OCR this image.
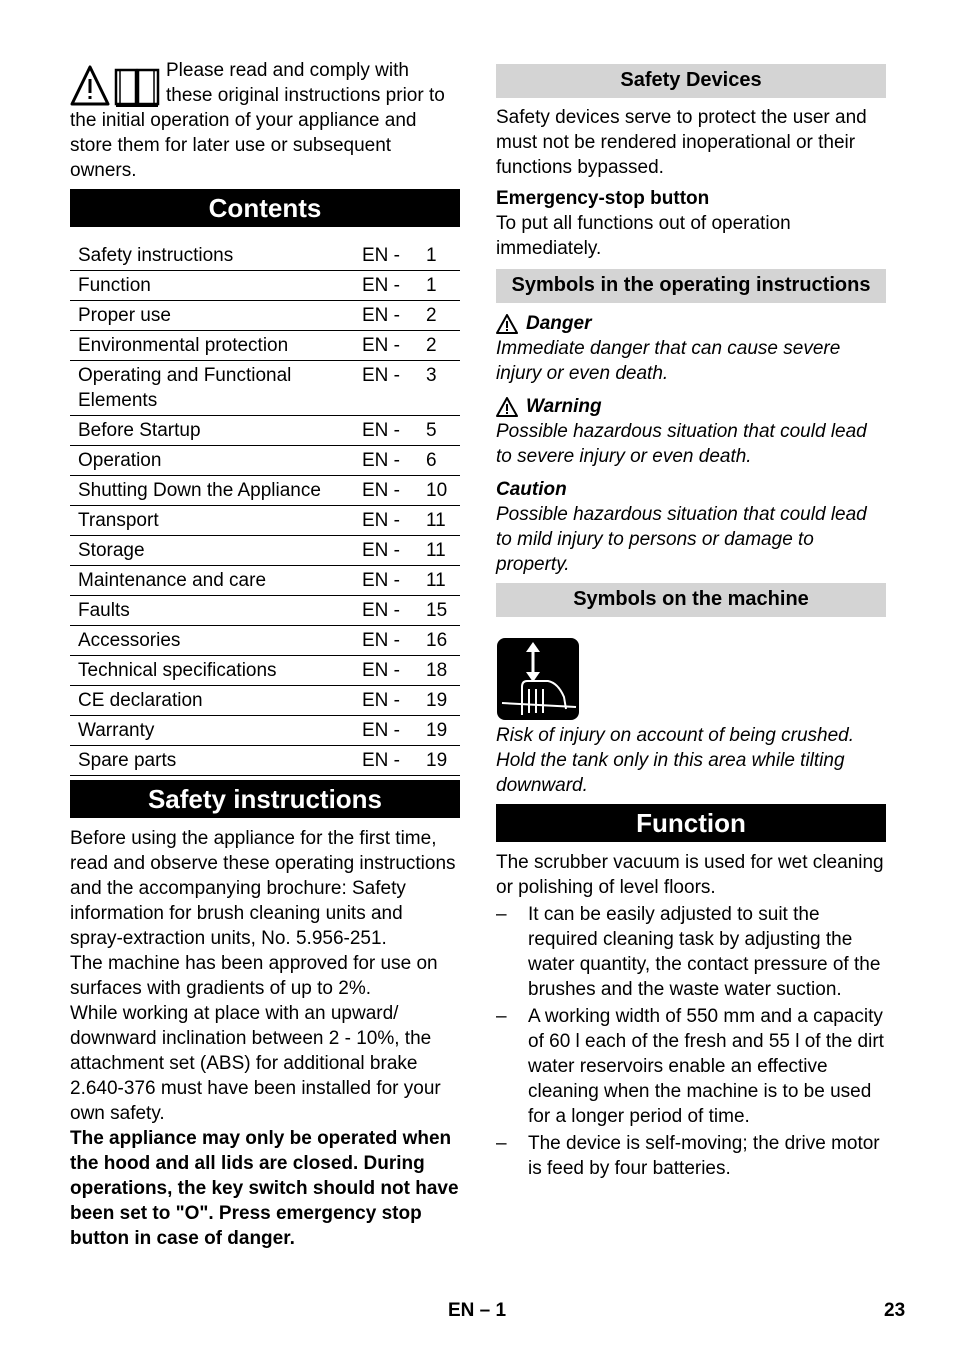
Please read and comply with these original instructions prior to the initial operation of your appliance and store them for later use or subsequent owners.

Contents
Safety instructions	EN -	1
Function	EN -	1
Proper use	EN -	2
Environmental protection	EN -	2
Operating and Functional Elements	EN -	3
Before Startup	EN -	5
Operation	EN -	6
Shutting Down the Appliance	EN -	10
Transport	EN -	11
Storage	EN -	11
Maintenance and care	EN -	11
Faults	EN -	15
Accessories	EN -	16
Technical specifications	EN -	18
CE declaration	EN -	19
Warranty	EN -	19
Spare parts	EN -	19
Safety instructions

Before using the appliance for the first time, read and observe these operating instructions and the accompanying brochure: Safety information for brush cleaning units and spray-extraction units, No. 5.956-251.

The machine has been approved for use on surfaces with gradients of up to 2%.

While working at place with an upward/ downward inclination between 2 - 10%, the attachment set (ABS) for additional brake 2.640-376 must have been installed for your own safety.

The appliance may only be operated when the hood and all lids are closed. During operations, the key switch should not have been set to "O". Press emergency stop button in case of danger.

Safety Devices

Safety devices serve to protect the user and must not be rendered inoperational or their functions bypassed.

Emergency-stop button

To put all functions out of operation immediately.

Symbols in the operating instructions
Danger

Immediate danger that can cause severe injury or even death.

Warning

Possible hazardous situation that could lead to severe injury or even death.

Caution

Possible hazardous situation that could lead to mild injury to persons or damage to property.

Symbols on the machine

Risk of injury on account of being crushed. Hold the tank only in this area while tilting downward.

Function

The scrubber vacuum is used for wet cleaning or polishing of level floors.

– It can be easily adjusted to suit the required cleaning task by adjusting the water quantity, the contact pressure of the brushes and the waste water suction.
– A working width of 550 mm and a capacity of 60 l each of the fresh and 55 l of the dirt water reservoirs enable an effective cleaning when the machine is to be used for a longer period of time.
– The device is self-moving; the drive motor is feed by four batteries.
EN – 1	23
